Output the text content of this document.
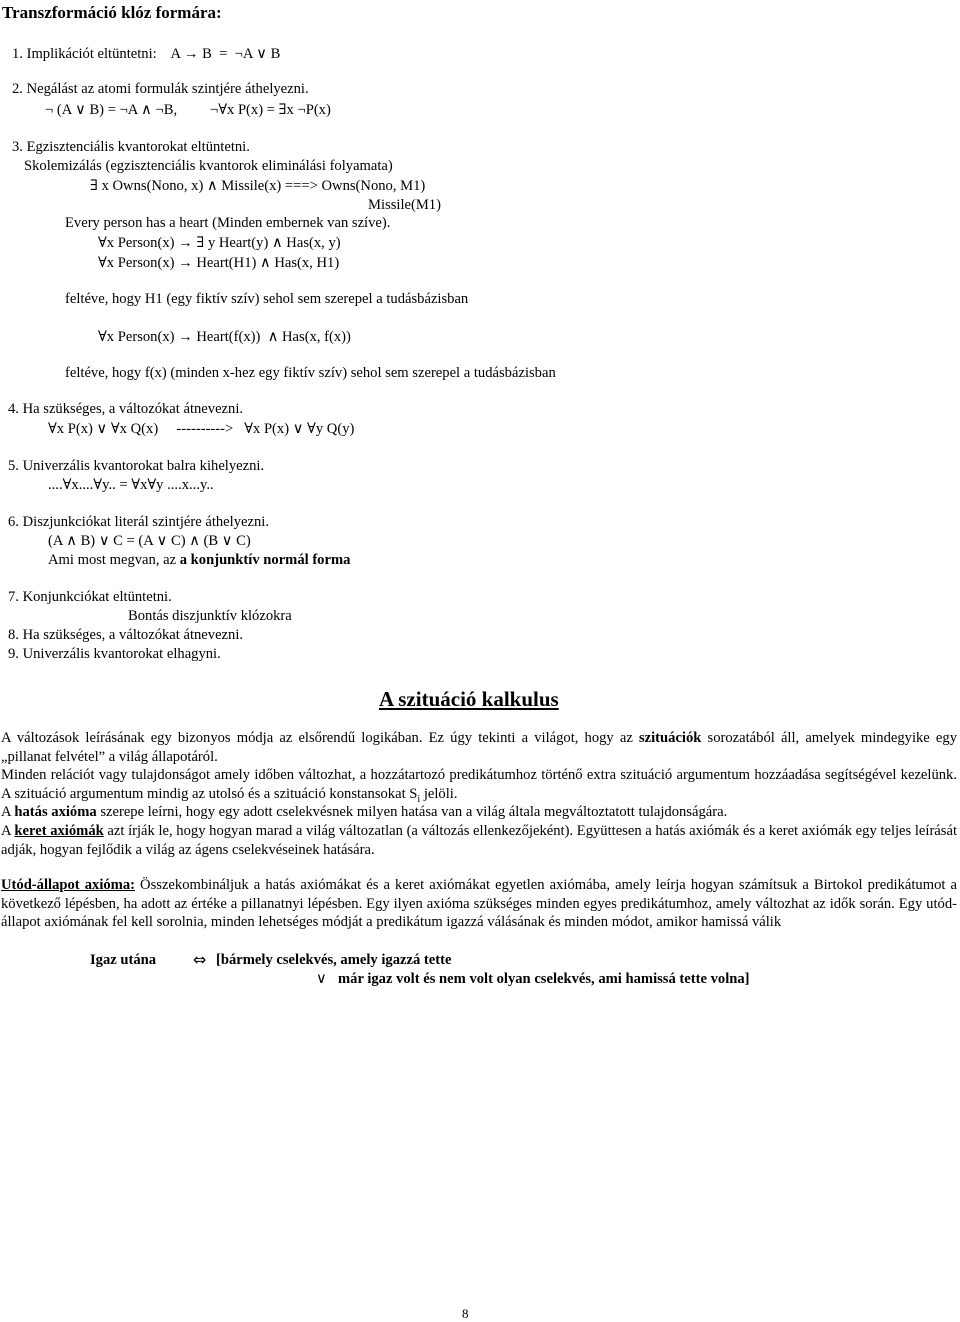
Transzformáció klóz formára:
1. Implikációt eltüntetni:    A → B  =  ¬A ∨ B
2. Negálást az atomi formulák szintjére áthelyezni.
¬ (A ∨ B) = ¬A ∧ ¬B,         ¬∀x P(x) = ∃x ¬P(x)
3. Egzisztenciális kvantorokat eltüntetni.
Skolemizálás (egzisztenciális kvantorok eliminálási folyamata)
∃ x Owns(Nono, x) ∧ Missile(x) ===> Owns(Nono, M1)
Missile(M1)
Every person has a heart (Minden embernek van szíve).
∀x Person(x) → ∃ y Heart(y) ∧ Has(x, y)
∀x Person(x) → Heart(H1) ∧ Has(x, H1)
feltéve, hogy H1 (egy fiktív szív) sehol sem szerepel a tudásbázisban
∀x Person(x) → Heart(f(x))  ∧ Has(x, f(x))
feltéve, hogy f(x) (minden x-hez egy fiktív szív) sehol sem szerepel a tudásbázisban
4. Ha szükséges, a változókat átnevezni.
∀x P(x) ∨ ∀x Q(x)     ---------->   ∀x P(x) ∨ ∀y Q(y)
5. Univerzális kvantorokat balra kihelyezni.
....∀x....∀y.. = ∀x∀y ....x...y..
6. Diszjunkciókat literál szintjére áthelyezni.
(A ∧ B) ∨ C = (A ∨ C) ∧ (B ∨ C)
Ami most megvan, az a konjunktív normál forma
7. Konjunkciókat eltüntetni.
Bontás diszjunktív klózokra
8. Ha szükséges, a változókat átnevezni.
9. Univerzális kvantorokat elhagyni.
A szituáció kalkulus
A változások leírásának egy bizonyos módja az elsőrendű logikában. Ez úgy tekinti a világot, hogy az szituációk sorozatából áll, amelyek mindegyike egy „pillanat felvétel” a világ állapotáról.
Minden relációt vagy tulajdonságot amely időben változhat, a hozzátartozó predikátumhoz történő extra szituáció argumentum hozzáadása segítségével kezelünk. A szituáció argumentum mindig az utolsó és a szituáció konstansokat $S_i$ jelöli.
A hatás axióma szerepe leírni, hogy egy adott cselekvésnek milyen hatása van a világ általa megváltoztatott tulajdonságára.
A keret axiómák azt írják le, hogy hogyan marad a világ változatlan (a változás ellenkezőjeként). Együttesen a hatás axiómák és a keret axiómák egy teljes leírását adják, hogyan fejlődik a világ az ágens cselekvéseinek hatására.
Utód-állapot axióma: Összekombináljuk a hatás axiómákat és a keret axiómákat egyetlen axiómába, amely leírja hogyan számítsuk a Birtokol predikátumot a következő lépésben, ha adott az értéke a pillanatnyi lépésben. Egy ilyen axióma szükséges minden egyes predikátumhoz, amely változhat az idők során. Egy utód-állapot axiómának fel kell sorolnia, minden lehetséges módját a predikátum igazzá válásának és minden módot, amikor hamissá válik
Igaz utána ⇔ [bármely cselekvés, amely igazzá tette
∨ már igaz volt és nem volt olyan cselekvés, ami hamissá tette volna]
8
